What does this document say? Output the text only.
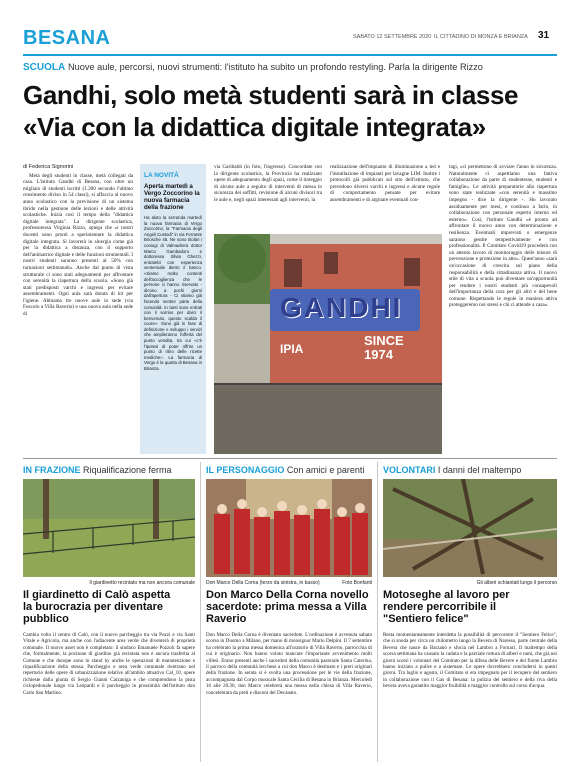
BESANA	SABATO 12 SETTEMBRE 2020 IL CITTADINO DI MONZA E BRIANZA 31
SCUOLA Nuove aule, percorsi, nuovi strumenti: l'istituto ha subito un profondo restyling. Parla la dirigente Rizzo
Gandhi, solo metà studenti sarà in classe
«Via con la didattica digitale integrata»
di Federica Signorini

Metà degli studenti in classe, metà collegati da casa. L'istituto Gandhi di Besana, con oltre un migliaio di studenti iscritti (1.200 secondo l'ultimo censimento diviso in 54 classi), si affaccia al nuovo anno scolastico con la previsione di un sistema ibrido nella gestione delle lezioni e delle attività scolastiche. Inizia così il tempo della "didattica digitale integrata". La dirigente scolastica, professoressa Virginia Rizzo, spiega che «i nostri docenti sono pronti a sperimentare la didattica digitale integrata. Si lavorerà in sinergia come già per la didattica a distanza, con il supporto dell'animatrice digitale e delle funzioni strumentali. I nostri studenti saranno presenti al 50% con turnazioni settimanali». Anche dal punto di vista strutturale ci sono stati adeguamenti per affrontare con serenità la riapertura della scuola. «Sono già stati predisposti varchi e ingressi per evitare assembramenti. Ogni aula sarà dotata di kit per l'igiene. Abbiamo tre nuove aule in sede (via Foscolo a Villa Raverio) e una nuova aula nella sede di

LA NOVITÀ
Aperta martedì a Vergo Zoccorino la nuova farmacia della frazione
Ha aloto la serranda martedì la nuova farmacia di Vergo Zoccorino, la "Farmacia degli Angeli Custodi" in via Ferrante Briosche 45. Ne sono titolari i coniugi di Valmadrera dottor Marco Gambadoro e dottoressa Silvia Ghezzi, entrambi con esperienza ventennale dietro il banco. «Siamo molto contenti dell'accoglienza che le persone ci hanno riservato - dicono a pochi giorni dall'apertura - Ci stiamo già facendo sentire parte della comunità. In tanti sono entrati con il sorriso per darci il benvenuto, questo scalda il cuore». Sono già in fase di definizione e sviluppo i servizi che amplieranno l'offerta del punto vendita, tra cui «c'è l'ipotesi di poter offrire un punto di ritiro delle ricette mediche». La farmacia di Vergo è la quarta di Besana in Brianza.

via Garibaldi (in foto, l'ingresso). Concordate con la dirigente scolastica, la Provincia ha realizzato opere di adeguamento degli spazi, come il tinteggio di alcune aule a seguito di interventi di messa in sicurezza dei soffitti, revisione di alcuni divisori tra le aule e, negli spazi interessati agli interventi, la

realizzazione dell'impianto di illuminazione a led e l'installazione di impianti per lavagne LIM. Inoltre i protocolli già pubblicati sul sito dell'istituto, che prevedono diversi varchi e ingressi e alcune regole di comportamento pensate per evitare assembramenti e di arginare eventuali con-

GANDHI
SINCE 1974
IPIA

tagi, «ci permettono di avviare l'anno in sicurezza. Naturalmente ci aspettiamo una fattiva collaborazione da parte di studentesse, studenti e famiglie». Le attività preparatorie alla riapertura sono state realizzate «con serenità e massimo impegno - dice la dirigente -. Ho lavorato assiduamente per mesi, e continuo a farlo, in collaborazione con personale esperto interno ed esterno». Così, l'istituto Gandhi «è pronto ad affrontare il nuovo anno con determinazione e resilienza. Eventuali imprevisti o emergenze saranno gestite tempestivamente e con professionalità. Il Comitato Covid19 procederà con un attento lavoro di monitoraggio delle misure di prevenzione e protezione in atto». Quest'anno «sarà un'occasione di crescita sul piano della responsabilità e della cittadinanza attiva. Il nuovo stile di vita a scuola può diventare un'opportunità per rendere i nostri studenti più consapevoli dell'importanza della cura per gli altri e del bene comune. Rispettando le regole in maniera attiva proteggeremo noi stessi e chi ci attende a casa».

IN FRAZIONE Riqualificazione ferma
Il giardinetto recintato ma non ancora comunale
Il giardinetto di Calò aspetta la burocrazia per diventare pubblico

Cambia volto il centro di Calò, con il nuovo parcheggio tra via Pozzi e via Santi Vitale e Agricola, ma anche con l'adiacente area verde che diventerà di proprietà comunale. Il nuovo asset non è completato: il sindaco Emanuele Pozzoli fa sapere che, formalmente, la porzione di giardino già recintata non è ancora trasferita al Comune e che dunque sono in stand by anche le operazioni di manutenzione e riqualificazione della stessa. Parcheggio e area verde comunale rientrano nel repertorio delle opere di urbanizzazione relative all'ambito attuativo Cal_10, opere richieste dalla giunta di Sergio Gianni Carzaniga e che comprendono la pista ciclopedonale lungo via Leopardi e il parcheggio in prossimità dell'istituto don Carlo San Martino.

IL PERSONAGGIO Con amici e parenti
Don Marco Della Corna (terzo da sinistra, in basso)	Foto Bonfanti
Don Marco Della Corna novello sacerdote: prima messa a Villa Raverio

Don Marco Della Corna è diventato sacerdote. L'ordinazione è avvenuta sabato scorso in Duomo a Milano, per mano di monsignor Mario Delpini. Il 7 settembre ha celebrato la prima messa domenica all'oratorio di Villa Raverio, parrocchia di cui è originario. Non hanno voluto mancare l'importante avvenimento molti villesi. Erano presenti anche i sacerdoti della comunità pastorale Santa Caterina, il parroco della comunità lecchese a cui don Marco è destinato e i preti originari della frazione. In serata si è svolta una processione per le vie della frazione, accompagnata dal Corpo musicale Santa Cecilia di Besana in Brianza. Mercoledì 16 alle 20.30, don Marco celebrerà una messa nella chiesa di Villa Raverio, concelebrata da preti e diaconi del Decanato.

VOLONTARI I danni del maltempo
Gli alberi schiantati lungo il percorso
Motoseghe al lavoro per rendere percorribile il "Sentiero felice"

Resta momentaneamente interdetta la possibilità di percorrere il "Sentiero Felice", che si snoda per circa un chilometro lungo la Bevera di Naresso, parte centrale della Bevera che nasce da Barzanò e sfocia nel Lambro a Fornaci. Il maltempo della scorsa settimana ha causato la caduta e la parziale rottura di alberi e rami, che già nei giorni scorsi i volontari del Comitato per la difesa delle Bevere e del fiume Lambro hanno iniziato a pulire e a sistemare. Le opere dovrebbero concludersi in questi giorni. Tra luglio e agosto, il Comitato si era impegnato per il recupero del sentiero in collaborazione con il Gas di Besana: la pulizia del sentiero e della riva della bevera aveva garantito maggior fruibilità e maggior controllo sul corso d'acqua.
